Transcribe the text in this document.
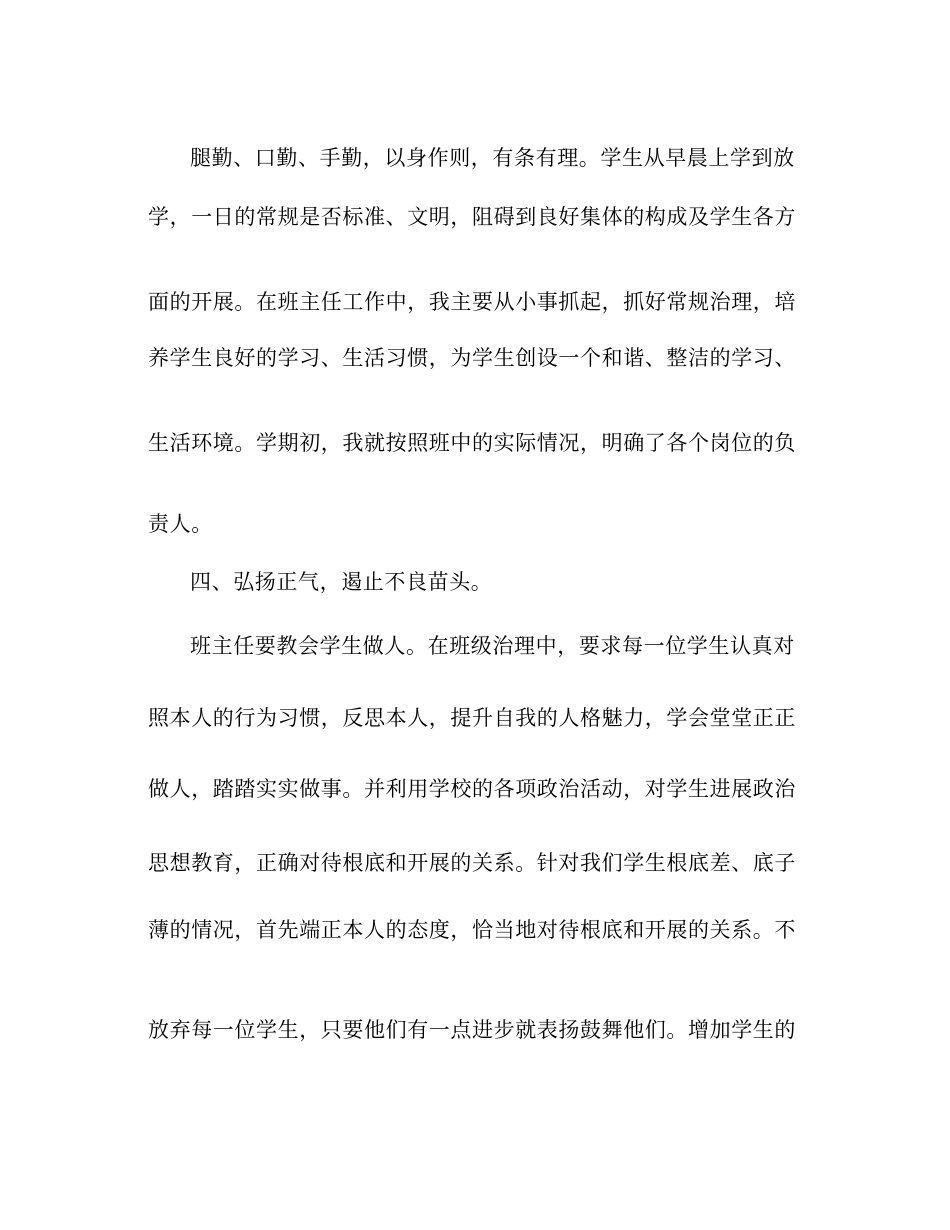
腿勤、口勤、手勤，以身作则，有条有理。学生从早晨上学到放
学，一日的常规是否标准、文明，阻碍到良好集体的构成及学生各方
面的开展。在班主任工作中，我主要从小事抓起，抓好常规治理，培
养学生良好的学习、生活习惯，为学生创设一个和谐、整洁的学习、
生活环境。学期初，我就按照班中的实际情况，明确了各个岗位的负
责人。
四、弘扬正气，遏止不良苗头。
班主任要教会学生做人。在班级治理中，要求每一位学生认真对
照本人的行为习惯，反思本人，提升自我的人格魅力，学会堂堂正正
做人，踏踏实实做事。并利用学校的各项政治活动，对学生进展政治
思想教育，正确对待根底和开展的关系。针对我们学生根底差、底子
薄的情况，首先端正本人的态度，恰当地对待根底和开展的关系。不
放弃每一位学生，只要他们有一点进步就表扬鼓舞他们。增加学生的
